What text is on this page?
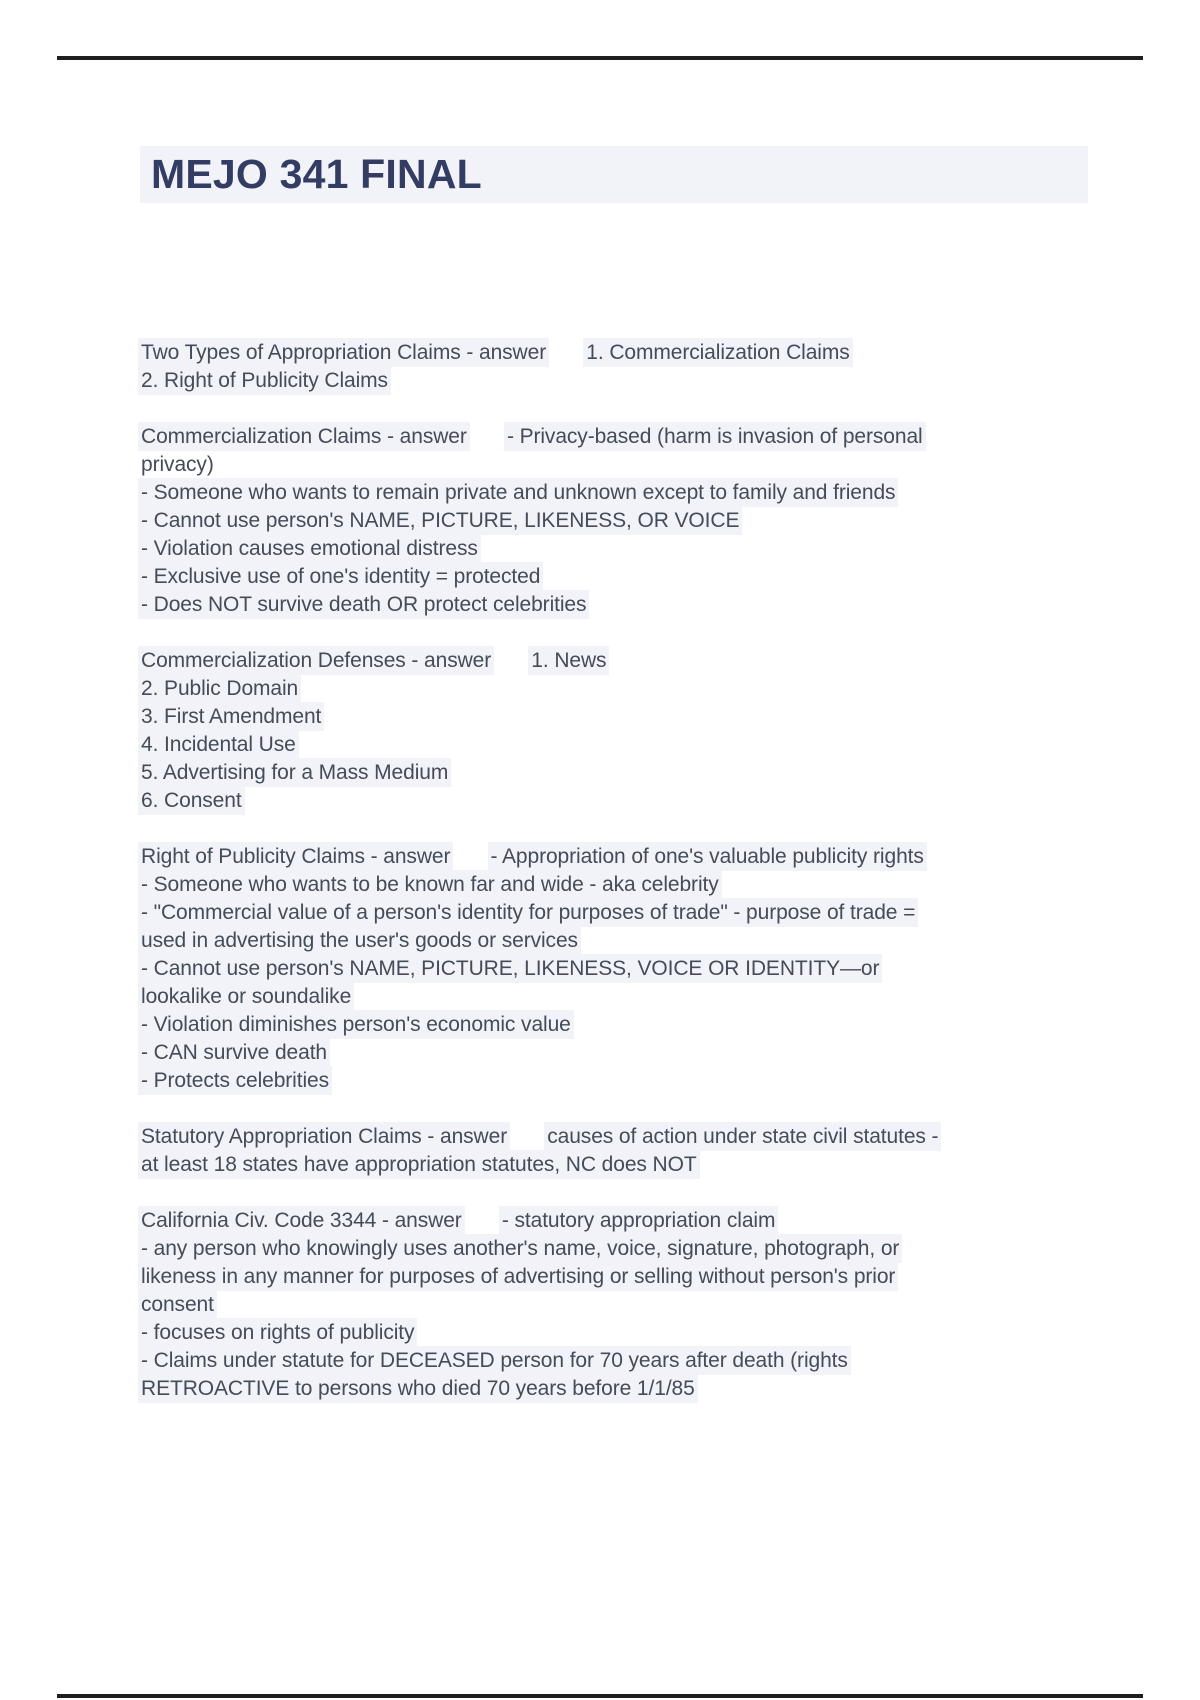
MEJO 341 FINAL
Two Types of Appropriation Claims - answer 1. Commercialization Claims
2. Right of Publicity Claims
Commercialization Claims - answer - Privacy-based (harm is invasion of personal
privacy)
- Someone who wants to remain private and unknown except to family and friends
- Cannot use person's NAME, PICTURE, LIKENESS, OR VOICE
- Violation causes emotional distress
- Exclusive use of one's identity = protected
- Does NOT survive death OR protect celebrities
Commercialization Defenses - answer 1. News
2. Public Domain
3. First Amendment
4. Incidental Use
5. Advertising for a Mass Medium
6. Consent
Right of Publicity Claims - answer - Appropriation of one's valuable publicity rights
- Someone who wants to be known far and wide - aka celebrity
- "Commercial value of a person's identity for purposes of trade" - purpose of trade =
used in advertising the user's goods or services
- Cannot use person's NAME, PICTURE, LIKENESS, VOICE OR IDENTITY—or
lookalike or soundalike
- Violation diminishes person's economic value
- CAN survive death
- Protects celebrities
Statutory Appropriation Claims - answer causes of action under state civil statutes -
at least 18 states have appropriation statutes, NC does NOT
California Civ. Code 3344 - answer - statutory appropriation claim
- any person who knowingly uses another's name, voice, signature, photograph, or
likeness in any manner for purposes of advertising or selling without person's prior
consent
- focuses on rights of publicity
- Claims under statute for DECEASED person for 70 years after death (rights
RETROACTIVE to persons who died 70 years before 1/1/85
